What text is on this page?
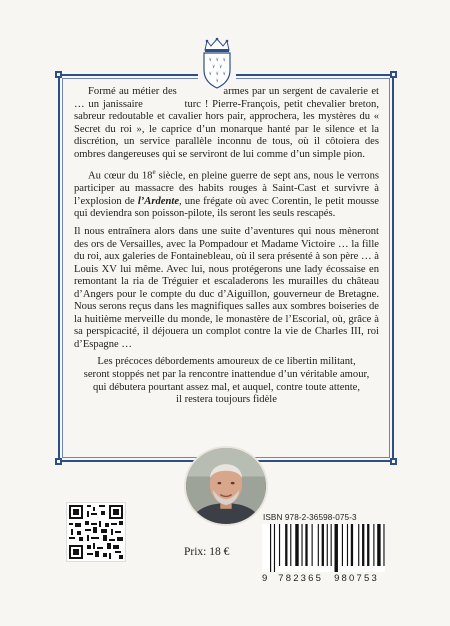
Formé au métier des	armes par un sergent de cavalerie et … un janissaire	turc ! Pierre-François, petit chevalier breton, sabreur redoutable et cavalier hors pair, approchera, les mystères du « Secret du roi », le caprice d’un monarque hanté par le silence et la discrétion, un service parallèle inconnu de tous, où il côtoiera des ombres dangereuses qui se serviront de lui comme d’un simple pion.

Au cœur du 18e siècle, en pleine guerre de sept ans, nous le verrons participer au massacre des habits rouges à Saint-Cast et survivre à l’explosion de l’Ardente, une frégate où avec Corentin, le petit mousse qui deviendra son poisson-pilote, ils seront les seuls rescapés.

Il nous entraînera alors dans une suite d’aventures qui nous mèneront des ors de Versailles, avec la Pompadour et Madame Victoire … la fille du roi, aux galeries de Fontainebleau, où il sera présenté à son père … à Louis XV lui même. Avec lui, nous protégerons une lady écossaise en remontant la ria de Tréguier et escaladerons les murailles du château d’Angers pour le compte du duc d’Aiguillon, gouverneur de Bretagne. Nous serons reçus dans les magnifiques salles aux sombres boiseries de la huitième merveille du monde, le monastère de l’Escorial, où, grâce à sa perspicacité, il déjouera un complot contre la vie de Charles III, roi d’Espagne …

Les précoces débordements amoureux de ce libertin militant,
seront stoppés net par la rencontre inattendue d’un véritable amour,
qui débutera pourtant assez mal, et auquel, contre toute attente,
il restera toujours fidèle

Prix: 18 €
ISBN 978-2-36598-075-3
9 782365 980753
